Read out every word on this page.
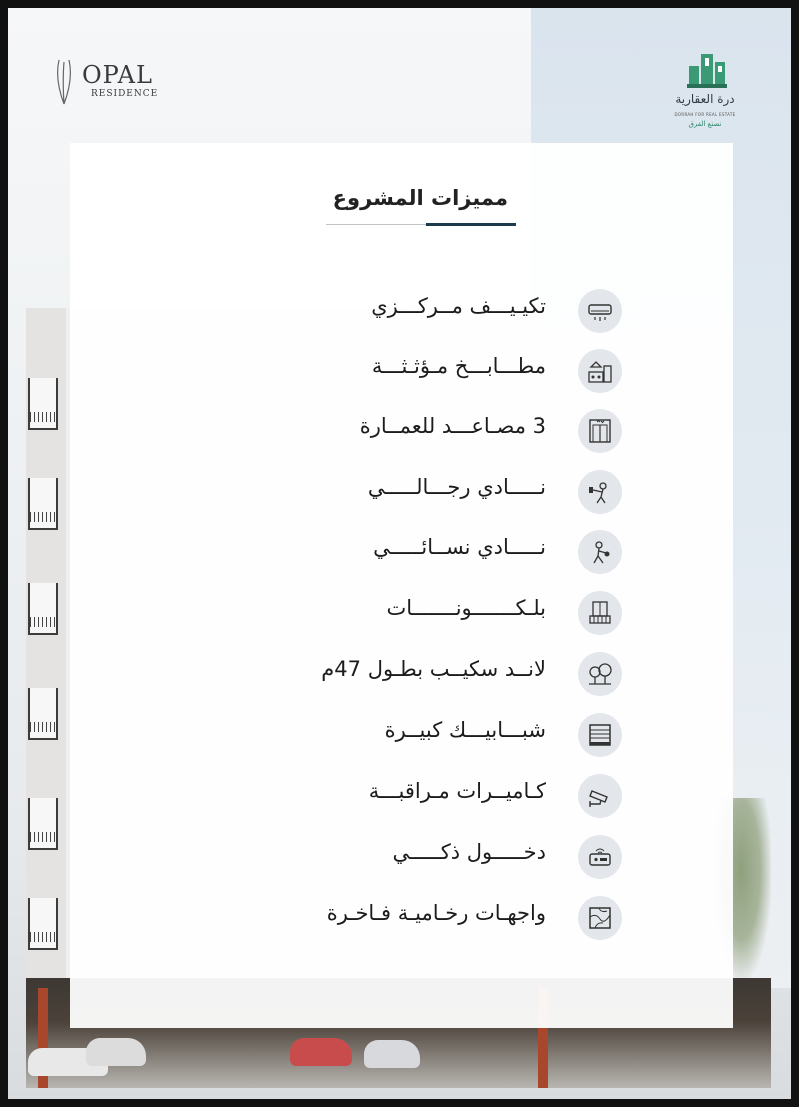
OPAL
RESIDENCE	درة العقارية
DORRAH FOR REAL ESTATE
نصنع الفرق
مميزات المشروع
تكيـيـــف مــركـــزي
مطـــابـــخ مـؤثـثـــة
3 مصـاعـــد للعمــارة
نـــــادي رجـــالـــــي
نـــــادي نســائـــــي
بلـكـــــــونـــــــات
لانــد سكيــب بطـول 47م
شبـــابيـــك كبيــرة
كـاميــرات مـراقبـــة
دخـــــول ذكـــــي
واجهـات رخـاميـة فـاخـرة
